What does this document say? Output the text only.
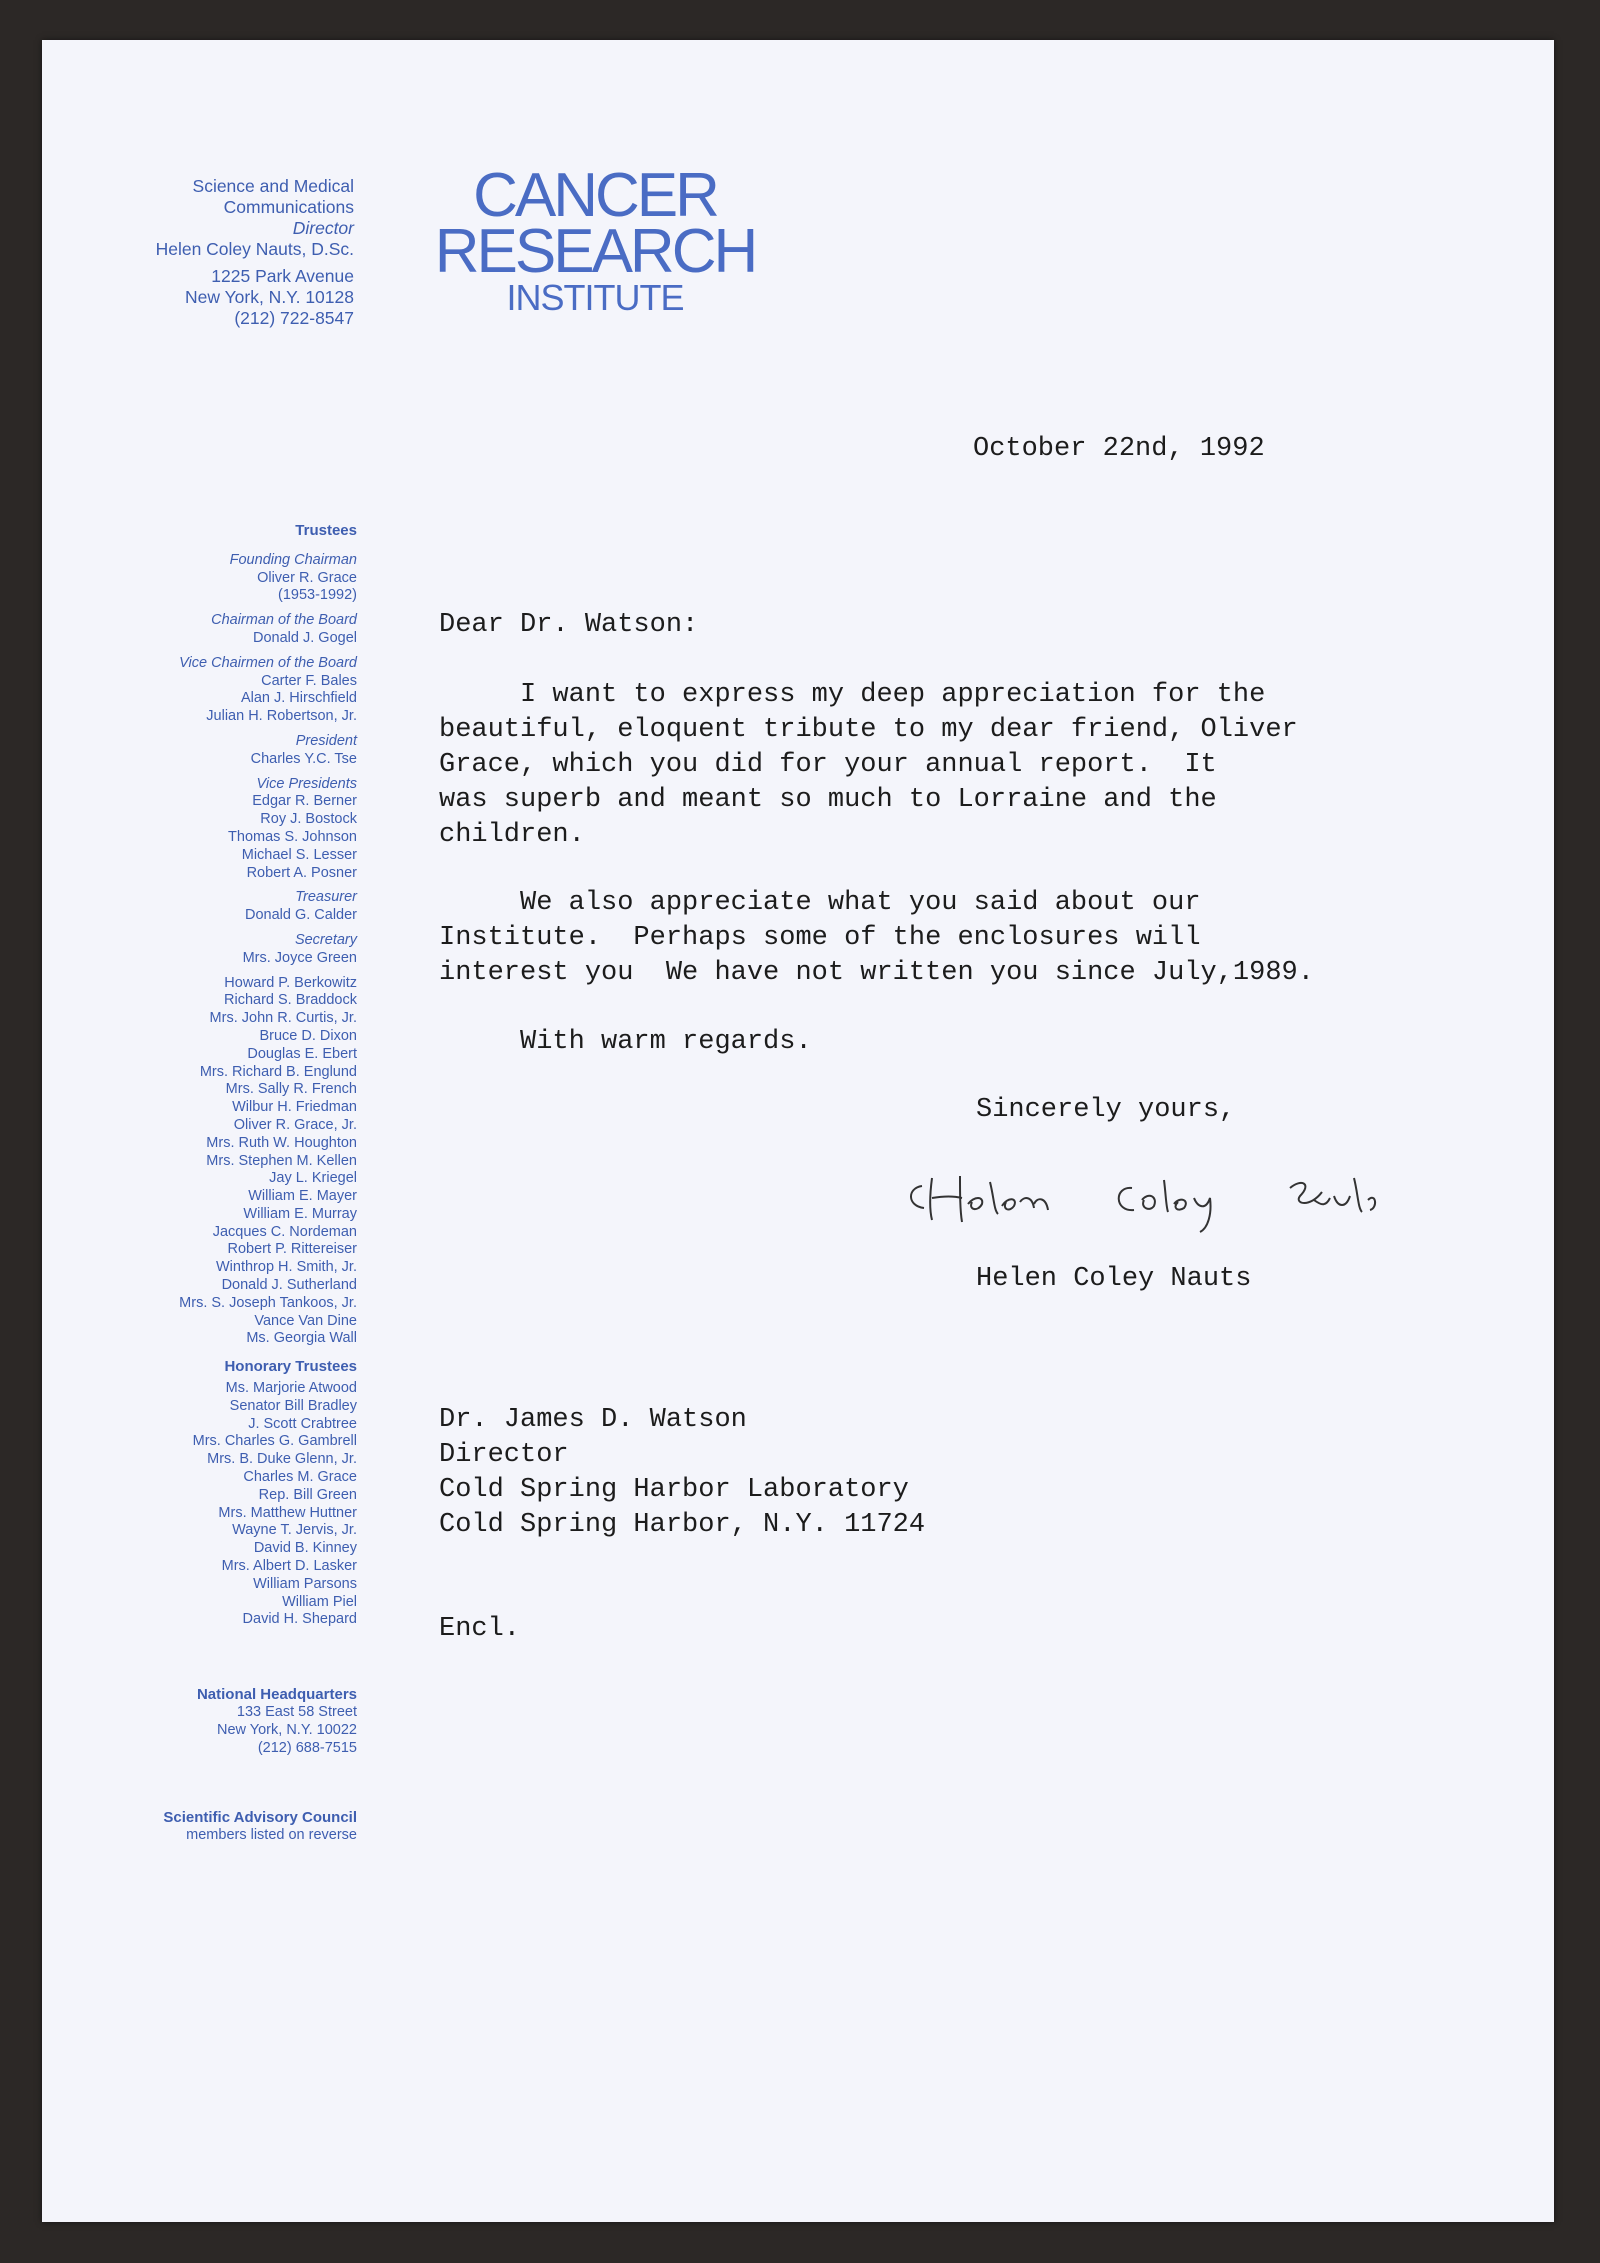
Science and Medical
Communications
Director
Helen Coley Nauts, D.Sc.
1225 Park Avenue
New York, N.Y. 10128
(212) 722-8547
CANCER
RESEARCH
INSTITUTE
Trustees
Founding Chairman
Oliver R. Grace
(1953-1992)
Chairman of the Board
Donald J. Gogel
Vice Chairmen of the Board
Carter F. Bales
Alan J. Hirschfield
Julian H. Robertson, Jr.
President
Charles Y.C. Tse
Vice Presidents
Edgar R. Berner
Roy J. Bostock
Thomas S. Johnson
Michael S. Lesser
Robert A. Posner
Treasurer
Donald G. Calder
Secretary
Mrs. Joyce Green
Howard P. Berkowitz
Richard S. Braddock
Mrs. John R. Curtis, Jr.
Bruce D. Dixon
Douglas E. Ebert
Mrs. Richard B. Englund
Mrs. Sally R. French
Wilbur H. Friedman
Oliver R. Grace, Jr.
Mrs. Ruth W. Houghton
Mrs. Stephen M. Kellen
Jay L. Kriegel
William E. Mayer
William E. Murray
Jacques C. Nordeman
Robert P. Rittereiser
Winthrop H. Smith, Jr.
Donald J. Sutherland
Mrs. S. Joseph Tankoos, Jr.
Vance Van Dine
Ms. Georgia Wall
Honorary Trustees
Ms. Marjorie Atwood
Senator Bill Bradley
J. Scott Crabtree
Mrs. Charles G. Gambrell
Mrs. B. Duke Glenn, Jr.
Charles M. Grace
Rep. Bill Green
Mrs. Matthew Huttner
Wayne T. Jervis, Jr.
David B. Kinney
Mrs. Albert D. Lasker
William Parsons
William Piel
David H. Shepard
National Headquarters
133 East 58 Street
New York, N.Y. 10022
(212) 688-7515
Scientific Advisory Council
members listed on reverse
October 22nd, 1992
Dear Dr. Watson:
I want to express my deep appreciation for the
beautiful, eloquent tribute to my dear friend, Oliver
Grace, which you did for your annual report.  It
was superb and meant so much to Lorraine and the
children.
We also appreciate what you said about our
Institute.  Perhaps some of the enclosures will
interest you  We have not written you since July,1989.
With warm regards.
Sincerely yours,
Helen Coley Nauts
Dr. James D. Watson
Director
Cold Spring Harbor Laboratory
Cold Spring Harbor, N.Y. 11724
Encl.
